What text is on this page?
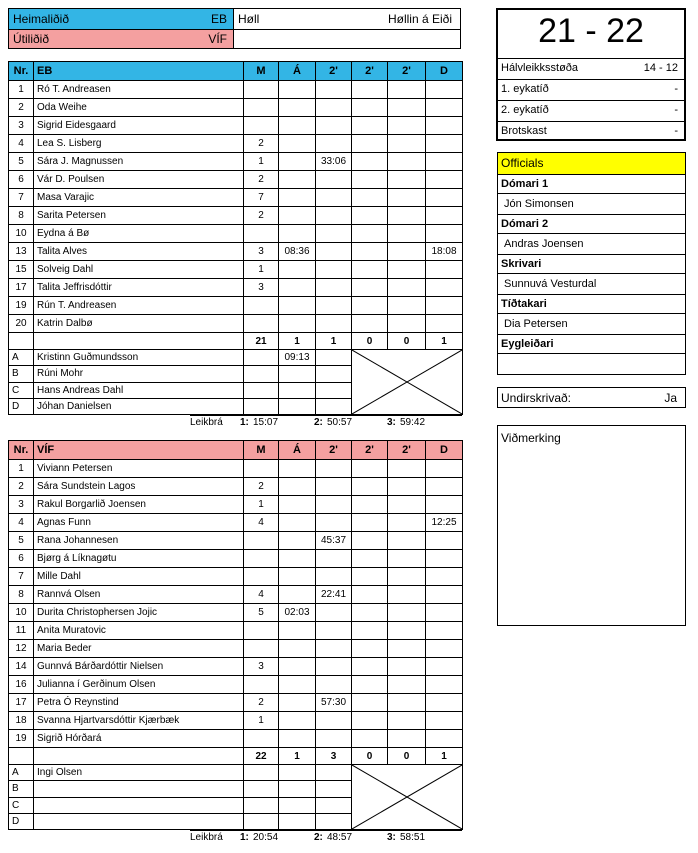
Heimaliðið	EB
Útiliðið	VÍF
Høll	Høllin á Eiði	21 - 22
Hálvleikksstøða	14 - 12
1. eykatíð	-
2. eykatíð	-
Brotskast	-
Officials
Dómari 1
Jón Simonsen
Dómari 2
Andras Joensen
Skrivari
Sunnuvá Vesturdal
Tíðtakari
Dia Petersen
Eygleiðari
Undirskrivað:	Ja
Viðmerking
Nr.	EB	M	Á	2'	2'	2'	D
1	Ró T. Andreasen						
2	Oda Weihe						
3	Sigrid Eidesgaard						
4	Lea S. Lisberg	2					
5	Sára J. Magnussen	1		33:06			
6	Vár D. Poulsen	2					
7	Masa Varajic	7					
8	Sarita Petersen	2					
10	Eydna á Bø						
13	Talita Alves	3	08:36				18:08
15	Solveig Dahl	1					
17	Talita Jeffrisdóttir	3					
19	Rún T. Andreasen						
20	Katrin Dalbø						
		21	1	1	0	0	1
A	Kristinn Guðmundsson		09:13		

B	Rúni Mohr				
C	Hans Andreas Dahl				
D	Jóhan Danielsen				
Leikbrá 1: 15:07	2: 50:57	3: 59:42
Nr.	VÍF	M	Á	2'	2'	2'	D
1	Viviann Petersen						
2	Sára Sundstein Lagos	2					
3	Rakul Borgarlið Joensen	1					
4	Agnas Funn	4					12:25
5	Rana Johannesen			45:37			
6	Bjørg á Líknagøtu						
7	Mille Dahl						
8	Rannvá Olsen	4		22:41			
10	Durita Christophersen Jojic	5	02:03				
11	Anita Muratovic						
12	Maria Beder						
14	Gunnvá Bárðardóttir Nielsen	3					
16	Julianna í Gerðinum Olsen						
17	Petra Ó Reynstind	2		57:30			
18	Svanna Hjartvarsdóttir Kjærbæk	1					
19	Sigrið Hórðará						
		22	1	3	0	0	1
A	Ingi Olsen				

B					
C					
D					
Leikbrá 1: 20:54	2: 48:57	3: 58:51
